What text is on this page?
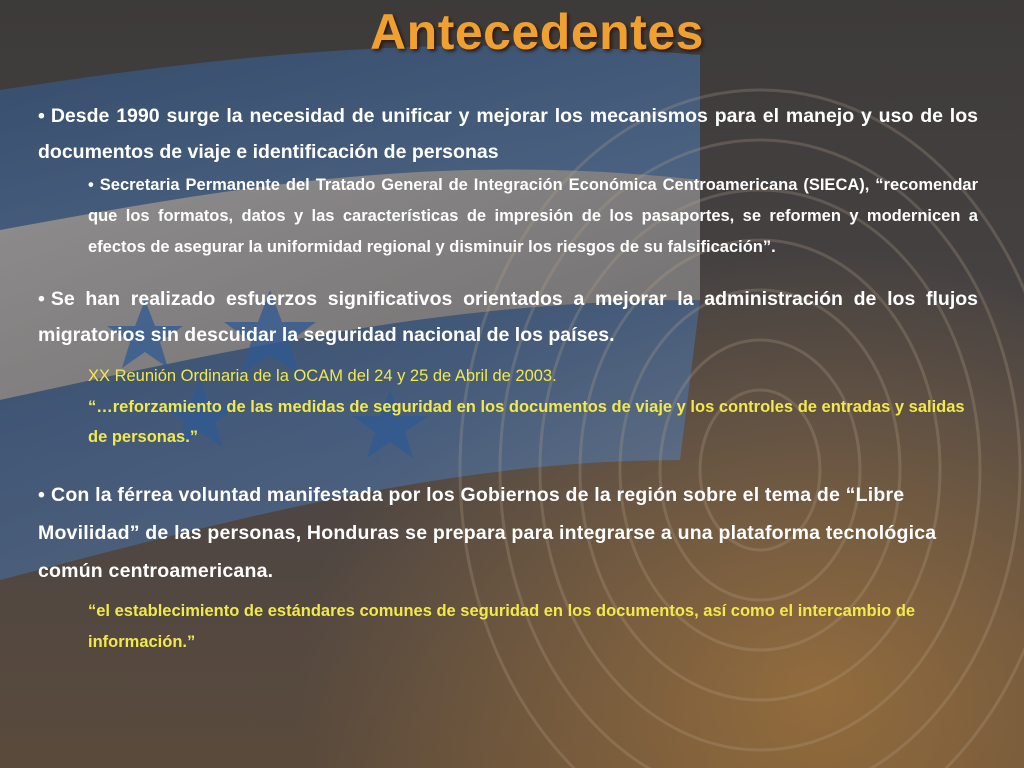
Antecedentes

• Desde 1990 surge la necesidad de unificar y mejorar los mecanismos para el manejo y uso de los documentos de viaje e identificación de personas

• Secretaria Permanente del Tratado General de Integración Económica Centroamericana (SIECA), “recomendar que los formatos, datos y las características de impresión de los pasaportes, se reformen y modernicen a efectos de asegurar la uniformidad regional y disminuir los riesgos de su falsificación”.

• Se han realizado esfuerzos significativos orientados a mejorar la administración de los flujos migratorios sin descuidar la seguridad nacional de los países.

XX Reunión Ordinaria de la OCAM del 24 y 25 de Abril de 2003.

“…reforzamiento de las medidas de seguridad en los documentos de viaje y los controles de entradas y salidas de personas.”

• Con la férrea voluntad manifestada por los Gobiernos de la región sobre el tema de “Libre Movilidad” de las personas, Honduras se prepara para integrarse a una plataforma tecnológica común centroamericana.

“el establecimiento de estándares comunes de seguridad en los documentos, así como el intercambio de información.”
